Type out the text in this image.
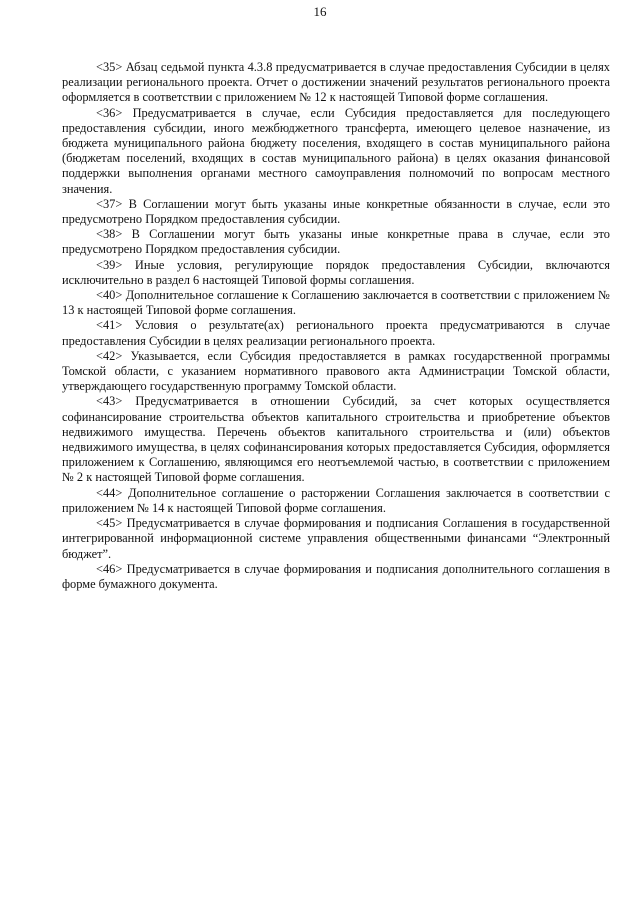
16

<35> Абзац седьмой пункта 4.3.8 предусматривается в случае предоставления Субсидии в целях реализации регионального проекта. Отчет о достижении значений результатов регионального проекта оформляется в соответствии с приложением № 12 к настоящей Типовой форме соглашения.

<36> Предусматривается в случае, если Субсидия предоставляется для последующего предоставления субсидии, иного межбюджетного трансферта, имеющего целевое назначение, из бюджета муниципального района бюджету поселения, входящего в состав муниципального района (бюджетам поселений, входящих в состав муниципального района) в целях оказания финансовой поддержки выполнения органами местного самоуправления полномочий по вопросам местного значения.

<37> В Соглашении могут быть указаны иные конкретные обязанности в случае, если это предусмотрено Порядком предоставления субсидии.

<38> В Соглашении могут быть указаны иные конкретные права в случае, если это предусмотрено Порядком предоставления субсидии.

<39> Иные условия, регулирующие порядок предоставления Субсидии, включаются исключительно в раздел 6 настоящей Типовой формы соглашения.

<40> Дополнительное соглашение к Соглашению заключается в соответствии с приложением № 13 к настоящей Типовой форме соглашения.

<41> Условия о результате(ах) регионального проекта предусматриваются в случае предоставления Субсидии в целях реализации регионального проекта.

<42> Указывается, если Субсидия предоставляется в рамках государственной программы Томской области, с указанием нормативного правового акта Администрации Томской области, утверждающего государственную программу Томской области.

<43> Предусматривается в отношении Субсидий, за счет которых осуществляется софинансирование строительства объектов капитального строительства и приобретение объектов недвижимого имущества. Перечень объектов капитального строительства и (или) объектов недвижимого имущества, в целях софинансирования которых предоставляется Субсидия, оформляется приложением к Соглашению, являющимся его неотъемлемой частью, в соответствии с приложением № 2 к настоящей Типовой форме соглашения.

<44> Дополнительное соглашение о расторжении Соглашения заключается в соответствии с приложением № 14 к настоящей Типовой форме соглашения.

<45> Предусматривается в случае формирования и подписания Соглашения в государственной интегрированной информационной системе управления общественными финансами “Электронный бюджет”.

<46> Предусматривается в случае формирования и подписания дополнительного соглашения в форме бумажного документа.
